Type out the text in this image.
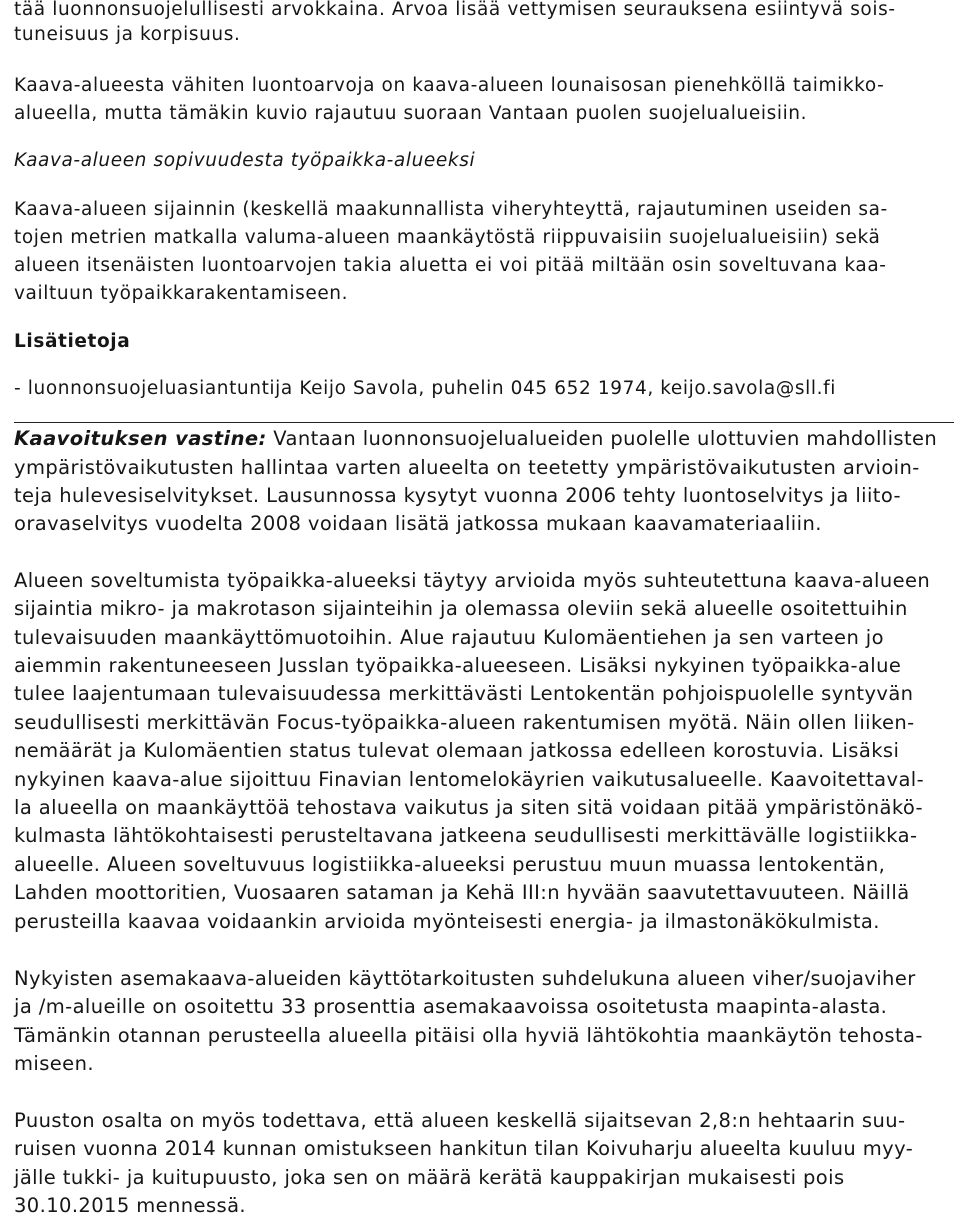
tää luonnonsuojelullisesti arvokkaina. Arvoa lisää vettymisen seurauksena esiintyvä sois-
tuneisuus ja korpisuus.
Kaava-alueesta vähiten luontoarvoja on kaava-alueen lounaisosan pienehköllä taimikko-
alueella, mutta tämäkin kuvio rajautuu suoraan Vantaan puolen suojelualueisiin.
Kaava-alueen sopivuudesta työpaikka-alueeksi
Kaava-alueen sijainnin (keskellä maakunnallista viheryhteyttä, rajautuminen useiden sa-
tojen metrien matkalla valuma-alueen maankäytöstä riippuvaisiin suojelualueisiin) sekä
alueen itsenäisten luontoarvojen takia aluetta ei voi pitää miltään osin soveltuvana kaa-
vailtuun työpaikkarakentamiseen.
Lisätietoja
- luonnonsuojeluasiantuntija Keijo Savola, puhelin 045 652 1974, keijo.savola@sll.fi
Kaavoituksen vastine: Vantaan luonnonsuojelualueiden puolelle ulottuvien mahdollisten
ympäristövaikutusten hallintaa varten alueelta on teetetty ympäristövaikutusten arvioin-
teja hulevesiselvitykset. Lausunnossa kysytyt vuonna 2006 tehty luontoselvitys ja liito-
oravaselvitys vuodelta 2008 voidaan lisätä jatkossa mukaan kaavamateriaaliin.
Alueen soveltumista työpaikka-alueeksi täytyy arvioida myös suhteutettuna kaava-alueen
sijaintia mikro- ja makrotason sijainteihin ja olemassa oleviin sekä alueelle osoitettuihin
tulevaisuuden maankäyttömuotoihin. Alue rajautuu Kulomäentiehen ja sen varteen jo
aiemmin rakentuneeseen Jusslan työpaikka-alueeseen. Lisäksi nykyinen työpaikka-alue
tulee laajentumaan tulevaisuudessa merkittävästi Lentokentän pohjoispuolelle syntyvän
seudullisesti merkittävän Focus-työpaikka-alueen rakentumisen myötä. Näin ollen liiken-
nemäärät ja Kulomäentien status tulevat olemaan jatkossa edelleen korostuvia. Lisäksi
nykyinen kaava-alue sijoittuu Finavian lentomelokäyrien vaikutusalueelle. Kaavoitettaval-
la alueella on maankäyttöä tehostava vaikutus ja siten sitä voidaan pitää ympäristönäkö-
kulmasta lähtökohtaisesti perusteltavana jatkeena seudullisesti merkittävälle logistiikka-
alueelle. Alueen soveltuvuus logistiikka-alueeksi perustuu muun muassa lentokentän,
Lahden moottoritien, Vuosaaren sataman ja Kehä III:n hyvään saavutettavuuteen. Näillä
perusteilla kaavaa voidaankin arvioida myönteisesti energia- ja ilmastonäkökulmista.
Nykyisten asemakaava-alueiden käyttötarkoitusten suhdelukuna alueen viher/suojaviher
ja /m-alueille on osoitettu 33 prosenttia asemakaavoissa osoitetusta maapinta-alasta.
Tämänkin otannan perusteella alueella pitäisi olla hyviä lähtökohtia maankäytön tehosta-
miseen.
Puuston osalta on myös todettava, että alueen keskellä sijaitsevan 2,8:n hehtaarin suu-
ruisen vuonna 2014 kunnan omistukseen hankitun tilan Koivuharju alueelta kuuluu myy-
jälle tukki- ja kuitupuusto, joka sen on määrä kerätä kauppakirjan mukaisesti pois
30.10.2015 mennessä.
